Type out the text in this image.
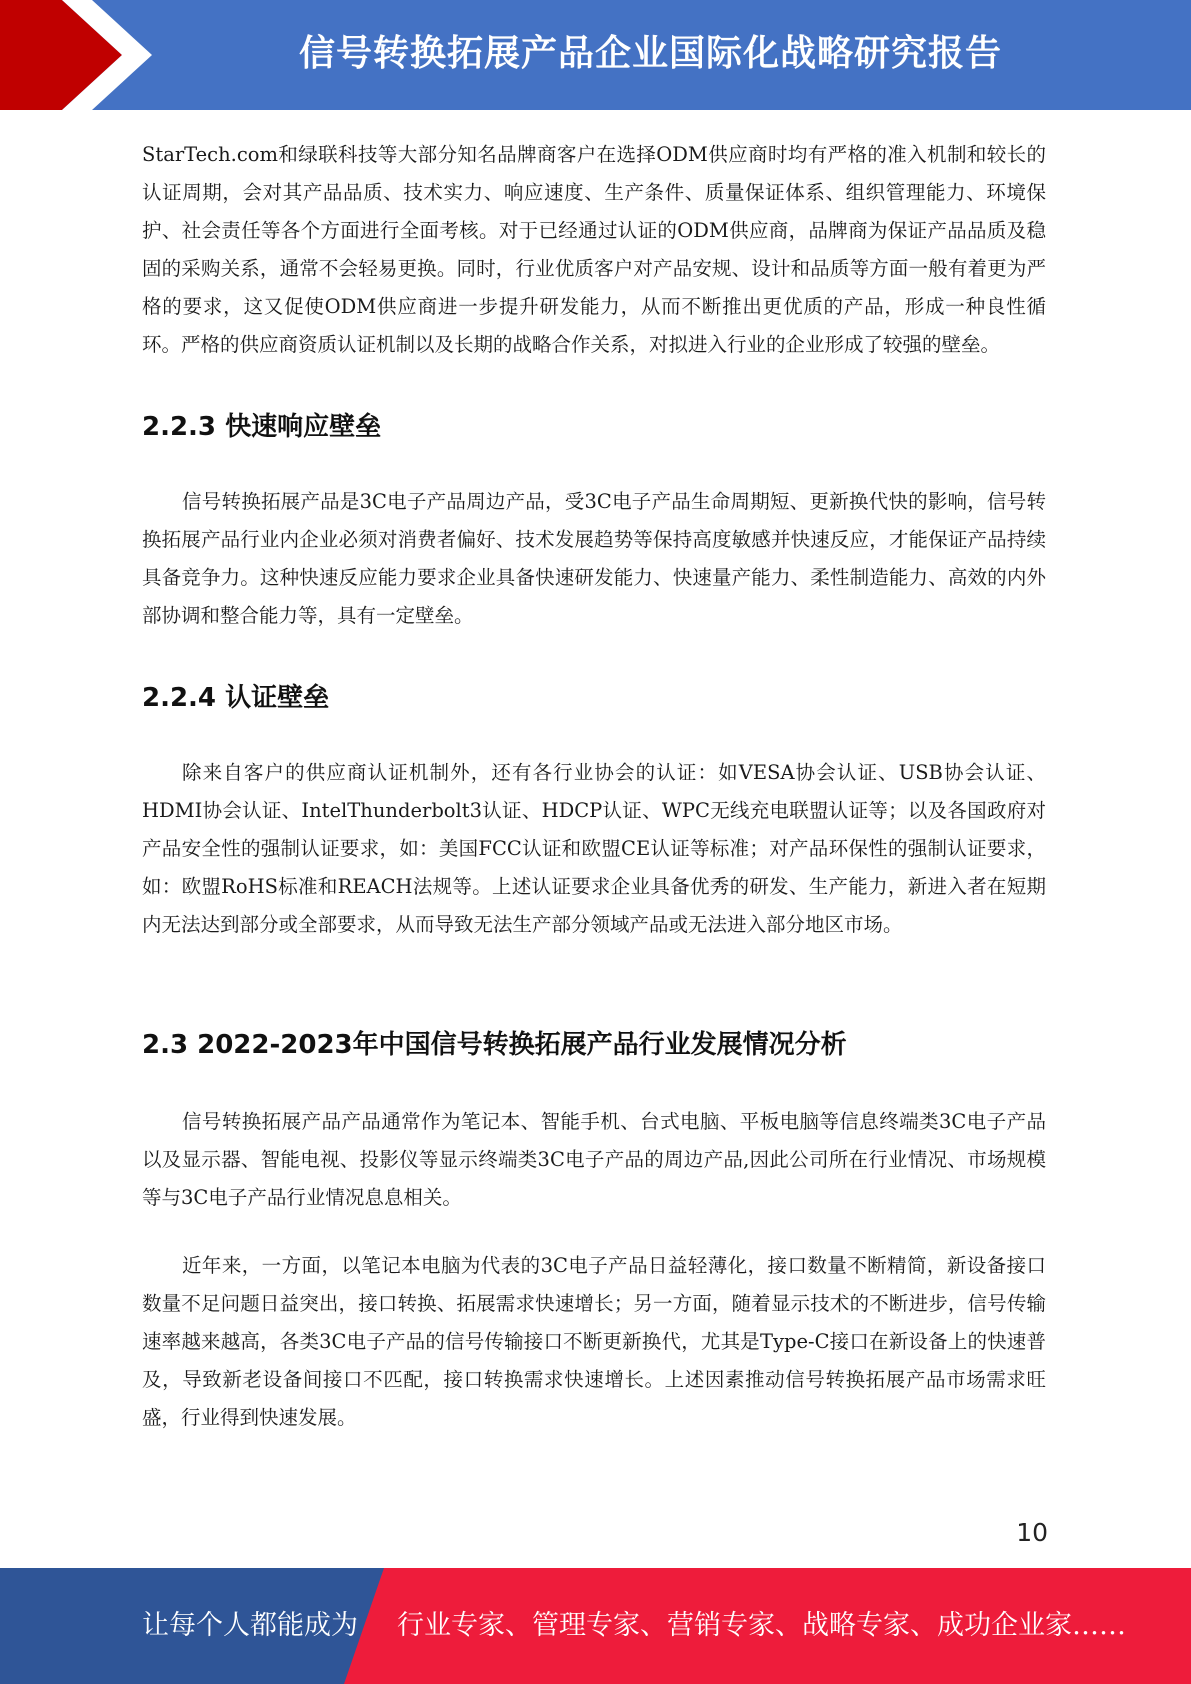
信号转换拓展产品企业国际化战略研究报告

StarTech.com和绿联科技等大部分知名品牌商客户在选择ODM供应商时均有严格的准入机制和较长的认证周期，会对其产品品质、技术实力、响应速度、生产条件、质量保证体系、组织管理能力、环境保护、社会责任等各个方面进行全面考核。对于已经通过认证的ODM供应商，品牌商为保证产品品质及稳固的采购关系，通常不会轻易更换。同时，行业优质客户对产品安规、设计和品质等方面一般有着更为严格的要求，这又促使ODM供应商进一步提升研发能力，从而不断推出更优质的产品，形成一种良性循环。严格的供应商资质认证机制以及长期的战略合作关系，对拟进入行业的企业形成了较强的壁垒。

2.2.3 快速响应壁垒

信号转换拓展产品是3C电子产品周边产品，受3C电子产品生命周期短、更新换代快的影响，信号转换拓展产品行业内企业必须对消费者偏好、技术发展趋势等保持高度敏感并快速反应，才能保证产品持续具备竞争力。这种快速反应能力要求企业具备快速研发能力、快速量产能力、柔性制造能力、高效的内外部协调和整合能力等，具有一定壁垒。

2.2.4 认证壁垒

除来自客户的供应商认证机制外，还有各行业协会的认证：如VESA协会认证、USB协会认证、HDMI协会认证、IntelThunderbolt3认证、HDCP认证、WPC无线充电联盟认证等；以及各国政府对产品安全性的强制认证要求，如：美国FCC认证和欧盟CE认证等标准；对产品环保性的强制认证要求，如：欧盟RoHS标准和REACH法规等。上述认证要求企业具备优秀的研发、生产能力，新进入者在短期内无法达到部分或全部要求，从而导致无法生产部分领域产品或无法进入部分地区市场。

2.3 2022-2023年中国信号转换拓展产品行业发展情况分析

信号转换拓展产品产品通常作为笔记本、智能手机、台式电脑、平板电脑等信息终端类3C电子产品以及显示器、智能电视、投影仪等显示终端类3C电子产品的周边产品,因此公司所在行业情况、市场规模等与3C电子产品行业情况息息相关。

近年来，一方面，以笔记本电脑为代表的3C电子产品日益轻薄化，接口数量不断精简，新设备接口数量不足问题日益突出，接口转换、拓展需求快速增长；另一方面，随着显示技术的不断进步，信号传输速率越来越高，各类3C电子产品的信号传输接口不断更新换代，尤其是Type-C接口在新设备上的快速普及，导致新老设备间接口不匹配，接口转换需求快速增长。上述因素推动信号转换拓展产品市场需求旺盛，行业得到快速发展。

10
让每个人都能成为 行业专家、管理专家、营销专家、战略专家、成功企业家……
